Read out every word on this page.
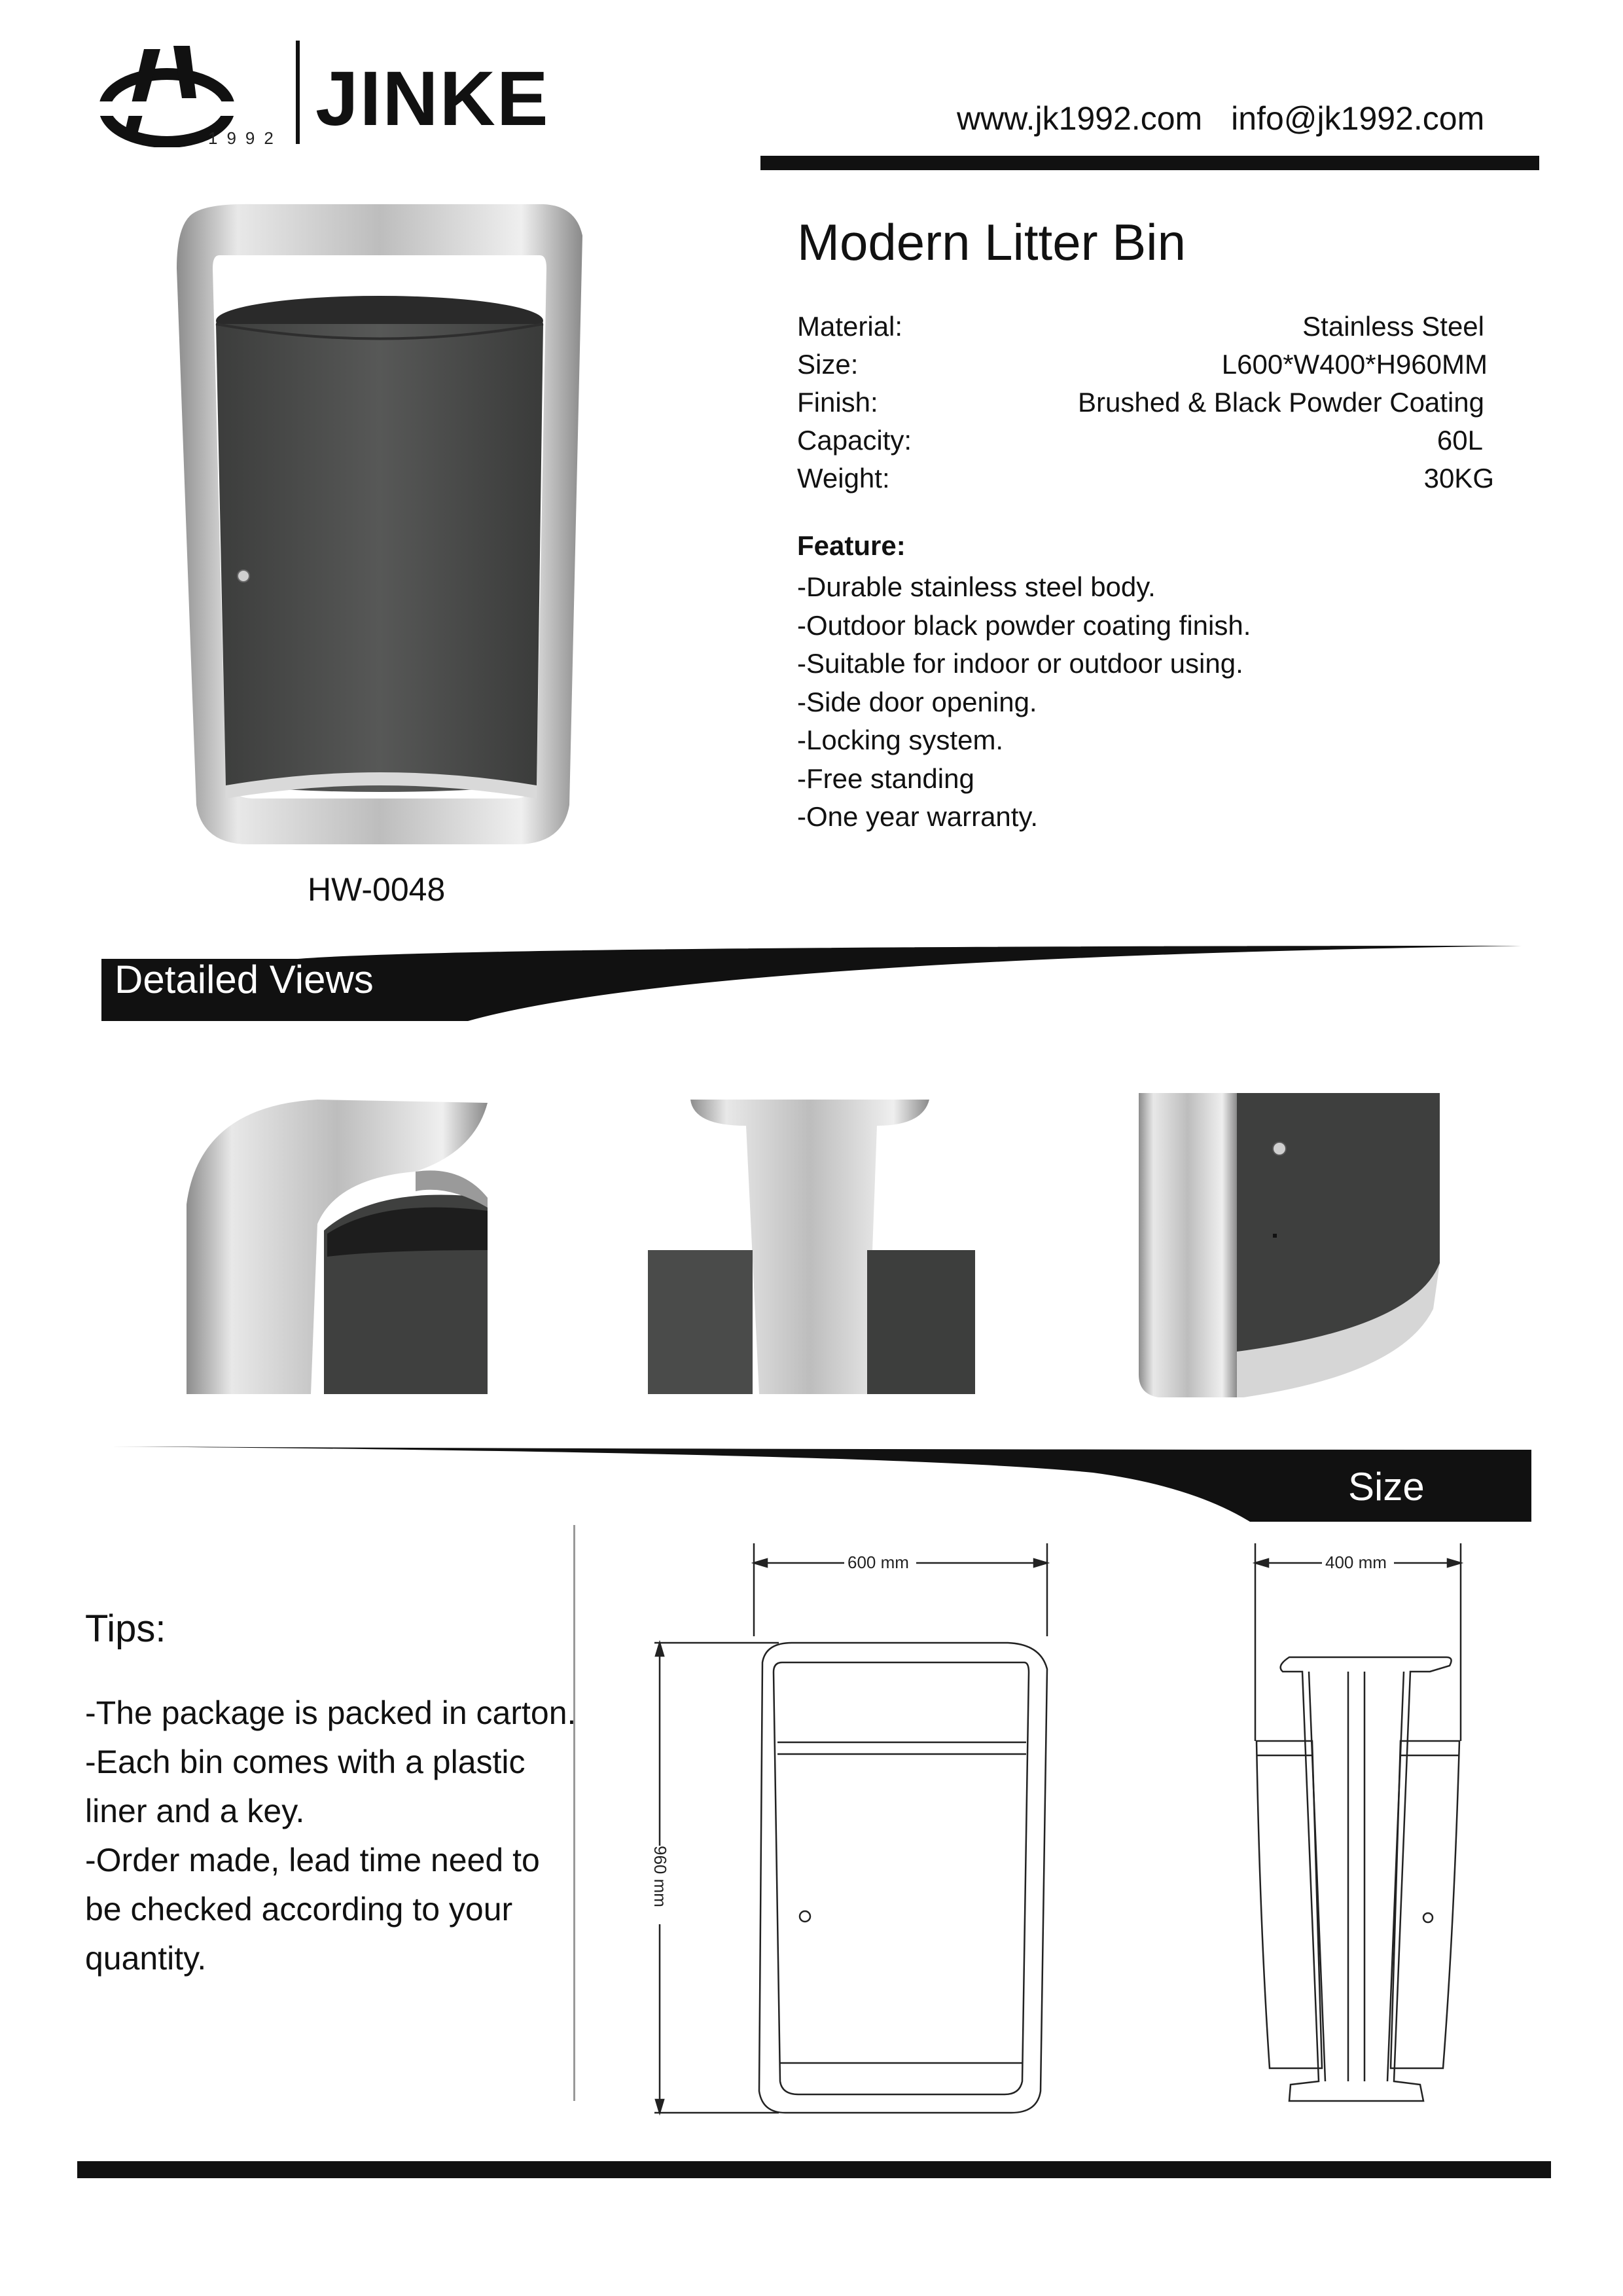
1992 JINKE	www.jk1992.com info@jk1992.com
HW-0048
Modern Litter Bin
Material:	Stainless Steel
Size:	L600*W400*H960MM
Finish:	Brushed & Black Powder Coating
Capacity:	60L
Weight:	30KG
Feature:
-Durable stainless steel body.
-Outdoor black powder coating finish.
-Suitable for indoor or outdoor using.
-Side door opening.
-Locking system.
-Free standing
-One year warranty.
Detailed Views
Size
Tips:
-The package is packed in carton.
-Each bin comes with a plastic liner and a key.
-Order made, lead time need to be checked according to your quantity.
600 mm	400 mm
960 mm
